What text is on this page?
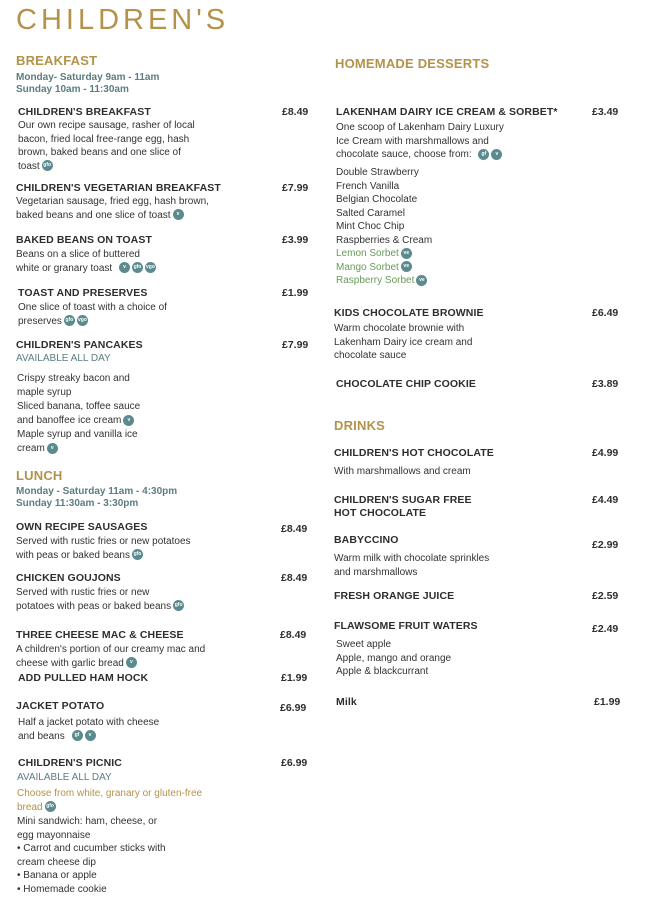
CHILDREN'S
BREAKFAST
Monday- Saturday 9am - 11am
Sunday 10am - 11:30am
CHILDREN'S BREAKFAST	£8.49

Our own recipe sausage, rasher of local

bacon, fried local free-range egg, hash

brown, baked beans and one slice of

toast gfo

CHILDREN'S VEGETARIAN BREAKFAST	£7.99

Vegetarian sausage, fried egg, hash brown,

baked beans and one slice of toast v

BAKED BEANS ON TOAST	£3.99

Beans on a slice of buttered

white or granary toast v gfo vgo

TOAST AND PRESERVES	£1.99

One slice of toast with a choice of

preserves gfo vgo

CHILDREN'S PANCAKES	£7.99
AVAILABLE ALL DAY

Crispy streaky bacon and

maple syrup

Sliced banana, toffee sauce

and banoffee ice cream v

Maple syrup and vanilla ice

cream v

LUNCH
Monday - Saturday 11am - 4:30pm
Sunday 11:30am - 3:30pm
OWN RECIPE SAUSAGES	£8.49

Served with rustic fries or new potatoes

with peas or baked beans gfo

CHICKEN GOUJONS	£8.49

Served with rustic fries or new

potatoes with peas or baked beans gfo

THREE CHEESE MAC & CHEESE	£8.49

A children's portion of our creamy mac and

cheese with garlic bread v

ADD PULLED HAM HOCK	£1.99
JACKET POTATO	£6.99

Half a jacket potato with cheese

and beans gf v

CHILDREN'S PICNIC	£6.99
AVAILABLE ALL DAY
Choose from white, granary or gluten-free
bread gfo

Mini sandwich: ham, cheese, or

egg mayonnaise

• Carrot and cucumber sticks with

cream cheese dip

• Banana or apple

• Homemade cookie

HOMEMADE DESSERTS
LAKENHAM DAIRY ICE CREAM & SORBET*	£3.49

One scoop of Lakenham Dairy Luxury

Ice Cream with marshmallows and

chocolate sauce, choose from: gf v

Double Strawberry

French Vanilla

Belgian Chocolate

Salted Caramel

Mint Choc Chip

Raspberries & Cream

Lemon Sorbet ve

Mango Sorbet ve

Raspberry Sorbet ve

KIDS CHOCOLATE BROWNIE	£6.49

Warm chocolate brownie with

Lakenham Dairy ice cream and

chocolate sauce

CHOCOLATE CHIP COOKIE	£3.89
DRINKS
CHILDREN'S HOT CHOCOLATE	£4.99

With marshmallows and cream

CHILDREN'S SUGAR FREE
HOT CHOCOLATE
£4.49
BABYCCINO	£2.99

Warm milk with chocolate sprinkles

and marshmallows

FRESH ORANGE JUICE	£2.59
FLAWSOME FRUIT WATERS	£2.49

Sweet apple

Apple, mango and orange

Apple & blackcurrant

Milk	£1.99
